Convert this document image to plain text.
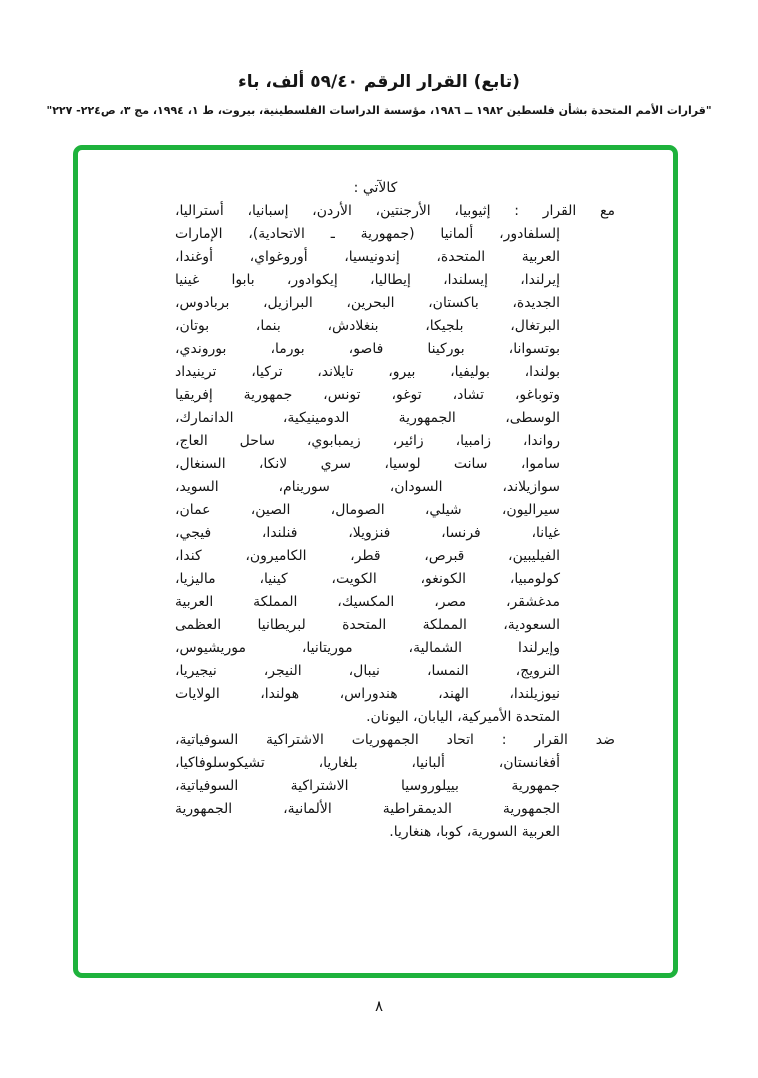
(تابع) القرار الرقم ٥٩/٤٠ ألف، باء
"قرارات الأمم المتحدة بشأن فلسطين ١٩٨٢ ــ ١٩٨٦، مؤسسة الدراسات الفلسطينية، بيروت، ط ١، ١٩٩٤، مج ٣، ص٢٢٤- ٢٢٧"
كالآتي :
مع القرار : إثيوبيا، الأرجنتين، الأردن، إسبانيا، أستراليا،
إلسلفادور، ألمانيا (جمهورية ـ الاتحادية)، الإمارات
العربية المتحدة، إندونيسيا، أوروغواي، أوغندا،
إيرلندا، إيسلندا، إيطاليا، إيكوادور، بابوا غينيا
الجديدة، باكستان، البحرين، البرازيل، بربادوس،
البرتغال، بلجيكا، بنغلادش، بنما، بوتان،
بوتسوانا، بوركينا فاصو، بورما، بوروندي،
بولندا، بوليفيا، بيرو، تايلاند، تركيا، ترينيداد
وتوباغو، تشاد، توغو، تونس، جمهورية إفريقيا
الوسطى، الجمهورية الدومينيكية، الدانمارك،
رواندا، زامبيا، زائير، زيمبابوي، ساحل العاج،
ساموا، سانت لوسيا، سري لانكا، السنغال،
سوازيلاند، السودان، سورينام، السويد،
سيراليون، شيلي، الصومال، الصين، عمان،
غيانا، فرنسا، فنزويلا، فنلندا، فيجي،
الفيليبين، قبرص، قطر، الكاميرون، كندا،
كولومبيا، الكونغو، الكويت، كينيا، ماليزيا،
مدغشقر، مصر، المكسيك، المملكة العربية
السعودية، المملكة المتحدة لبريطانيا العظمى
وإيرلندا الشمالية، موريتانيا، موريشيوس،
النرويج، النمسا، نيبال، النيجر، نيجيريا،
نيوزيلندا، الهند، هندوراس، هولندا، الولايات
المتحدة الأميركية، اليابان، اليونان.
ضد القرار : اتحاد الجمهوريات الاشتراكية السوفياتية،
أفغانستان، ألبانيا، بلغاريا، تشيكوسلوفاكيا،
جمهورية بييلوروسيا الاشتراكية السوفياتية،
الجمهورية الديمقراطية الألمانية، الجمهورية
العربية السورية، كوبا، هنغاريا.
٨
